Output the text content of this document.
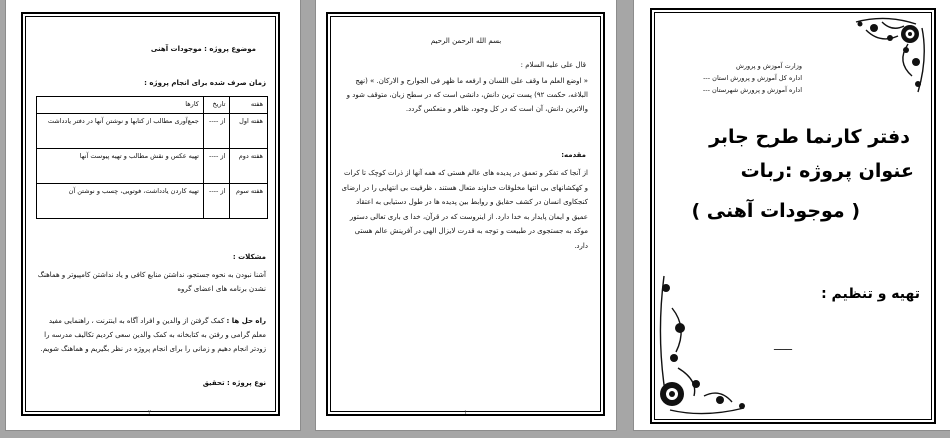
موضوع پروژه : موجودات آهنی
زمان صرف شده برای انجام پروژه :
هفته	تاریخ	کارها
هفته اول	از ----	جمع‌آوری مطالب از کتابها و نوشتن آنها در دفتر یادداشت
هفته دوم	از ----	تهیه عکس و نقش مطالب و تهیه پیوست آنها
هفته سوم	از ----	تهیه کاردن یادداشت، فوتویی، چسب و نوشتن آن
مشکلات :
آشنا نبودن به نحوه جستجو، نداشتن منابع کافی و یاد نداشتن کامپیوتر و هماهنگ نشدن برنامه های اعضای گروه
راه حل ها : کمک گرفتن از والدین و افراد آگاه به اینترنت ، راهنمایی مفید معلم گرامی و رفتن به کتابخانه به کمک والدین سعی کردیم تکالیف مدرسه را زودتر انجام دهیم و زمانی را برای انجام پروژه در نظر بگیریم و هماهنگ شویم.
نوع پروژه : تحقیق
۲
بسم الله الرحمن الرحیم
قال علی علیه السلام :
« اوضع العلم ما وقف علی اللسان و ارفعه ما ظهر فی الجوارح و الارکان. » (نهج البلاغه، حکمت ۹۲) پست ترین دانش، دانشی است که در سطح زبان، متوقف شود و والاترین دانش، آن است که در کل وجود، ظاهر و منعکس گردد.
مقدمه:
از آنجا که تفکر و تعمق در پدیده های عالم هستی که همه آنها از ذرات کوچک تا کرات و کهکشانهای بی انتها مخلوقات خداوند متعال هستند ، ظرفیت بی انتهایی را در ارضای کنجکاوی انسان در کشف حقایق و روابط بین پدیده ها در طول دستیابی به اعتقاد عمیق و ایمان پایدار به خدا دارد. از اینروست که در قرآن، خدا ی باری تعالی دستور موکد به جستجوی در طبیعت و توجه به قدرت لایزال الهی در آفرینش عالم هستی دارد.
۱
وزارت آموزش و پرورش
اداره کل آموزش و پرورش استان ---
اداره آموزش و پرورش شهرستان ---
دفتر کارنما طرح جابر
عنوان پروژه :ربات
( موجودات آهنی )
تهیه و تنظیم :
___
